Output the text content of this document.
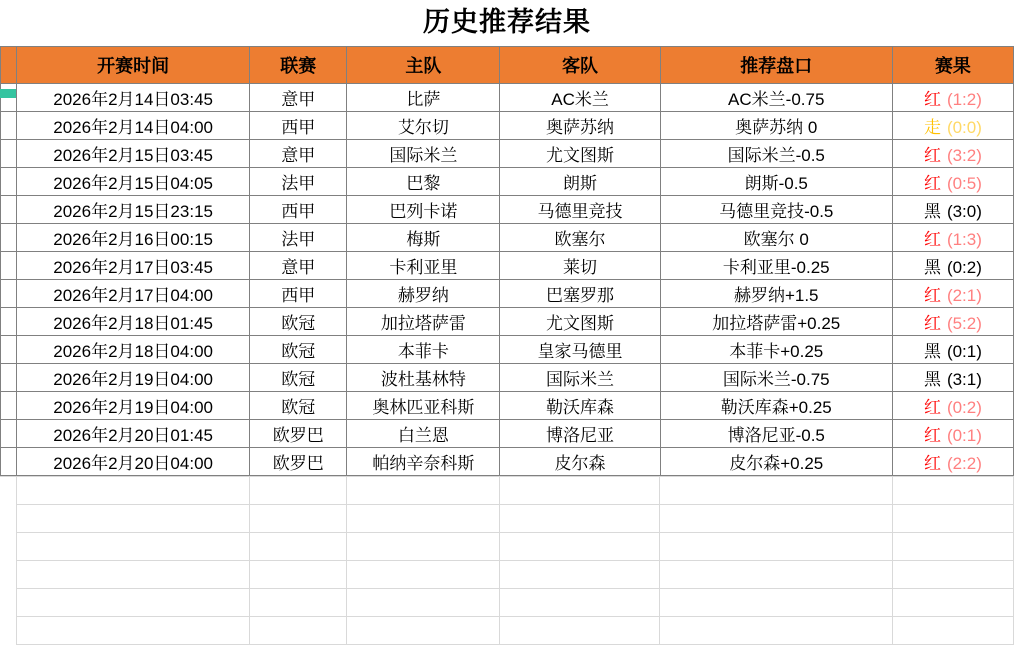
历史推荐结果
	开赛时间	联赛	主队	客队	推荐盘口	赛果
	2026年2月14日03:45	意甲	比萨	AC米兰	AC米兰-0.75	红 (1:2)
	2026年2月14日04:00	西甲	艾尔切	奥萨苏纳	奥萨苏纳 0	走 (0:0)
	2026年2月15日03:45	意甲	国际米兰	尤文图斯	国际米兰-0.5	红 (3:2)
	2026年2月15日04:05	法甲	巴黎	朗斯	朗斯-0.5	红 (0:5)
	2026年2月15日23:15	西甲	巴列卡诺	马德里竞技	马德里竞技-0.5	黑 (3:0)
	2026年2月16日00:15	法甲	梅斯	欧塞尔	欧塞尔 0	红 (1:3)
	2026年2月17日03:45	意甲	卡利亚里	莱切	卡利亚里-0.25	黑 (0:2)
	2026年2月17日04:00	西甲	赫罗纳	巴塞罗那	赫罗纳+1.5	红 (2:1)
	2026年2月18日01:45	欧冠	加拉塔萨雷	尤文图斯	加拉塔萨雷+0.25	红 (5:2)
	2026年2月18日04:00	欧冠	本菲卡	皇家马德里	本菲卡+0.25	黑 (0:1)
	2026年2月19日04:00	欧冠	波杜基林特	国际米兰	国际米兰-0.75	黑 (3:1)
	2026年2月19日04:00	欧冠	奥林匹亚科斯	勒沃库森	勒沃库森+0.25	红 (0:2)
	2026年2月20日01:45	欧罗巴	白兰恩	博洛尼亚	博洛尼亚-0.5	红 (0:1)
	2026年2月20日04:00	欧罗巴	帕纳辛奈科斯	皮尔森	皮尔森+0.25	红 (2:2)
